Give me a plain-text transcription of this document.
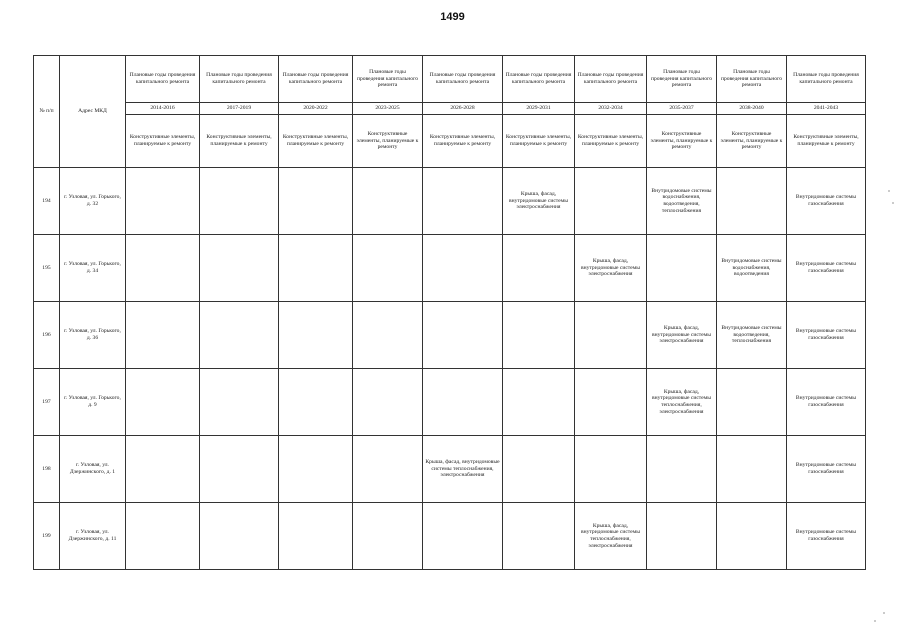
1499
№ п/п	Адрес МКД	Плановые годы проведения капитального ремонта	Плановые годы проведения капитального ремонта	Плановые годы проведения капитального ремонта	Плановые годы проведения капитального ремонта	Плановые годы проведения капитального ремонта	Плановые годы проведения капитального ремонта	Плановые годы проведения капитального ремонта	Плановые годы проведения капитального ремонта	Плановые годы проведения капитального ремонта	Плановые годы проведения капитального ремонта
		2014-2016	2017-2019	2020-2022	2023-2025	2026-2028	2029-2031	2032-2034	2035-2037	2038-2040	2041-2043
		Конструктивные элементы, планируемые к ремонту	Конструктивные элементы, планируемые к ремонту	Конструктивные элементы, планируемые к ремонту	Конструктивные элементы, планируемые к ремонту	Конструктивные элементы, планируемые к ремонту	Конструктивные элементы, планируемые к ремонту	Конструктивные элементы, планируемые к ремонту	Конструктивные элементы, планируемые к ремонту	Конструктивные элементы, планируемые к ремонту	Конструктивные элементы, планируемые к ремонту
194	г. Узловая, ул. Горького, д. 32						Крыша, фасад, внутридомовые системы электроснабжения		Внутридомовые системы водоснабжения, водоотведения, теплоснабжения		Внутридомовые системы газоснабжения
195	г. Узловая, ул. Горького, д. 34							Крыша, фасад, внутридомовые системы электроснабжения		Внутридомовые системы водоснабжения, водоотведения	Внутридомовые системы газоснабжения
196	г. Узловая, ул. Горького, д. 36								Крыша, фасад, внутридомовые системы электроснабжения	Внутридомовые системы водоотведения, теплоснабжения	Внутридомовые системы газоснабжения
197	г. Узловая, ул. Горького, д. 9								Крыша, фасад, внутридомовые системы теплоснабжения, электроснабжения		Внутридомовые системы газоснабжения
198	г. Узловая, ул. Дзержинского, д. 1					Крыша, фасад, внутридомовые системы теплоснабжения, электроснабжения					Внутридомовые системы газоснабжения
199	г. Узловая, ул. Дзержинского, д. 11							Крыша, фасад, внутридомовые системы теплоснабжения, электроснабжения			Внутридомовые системы газоснабжения
